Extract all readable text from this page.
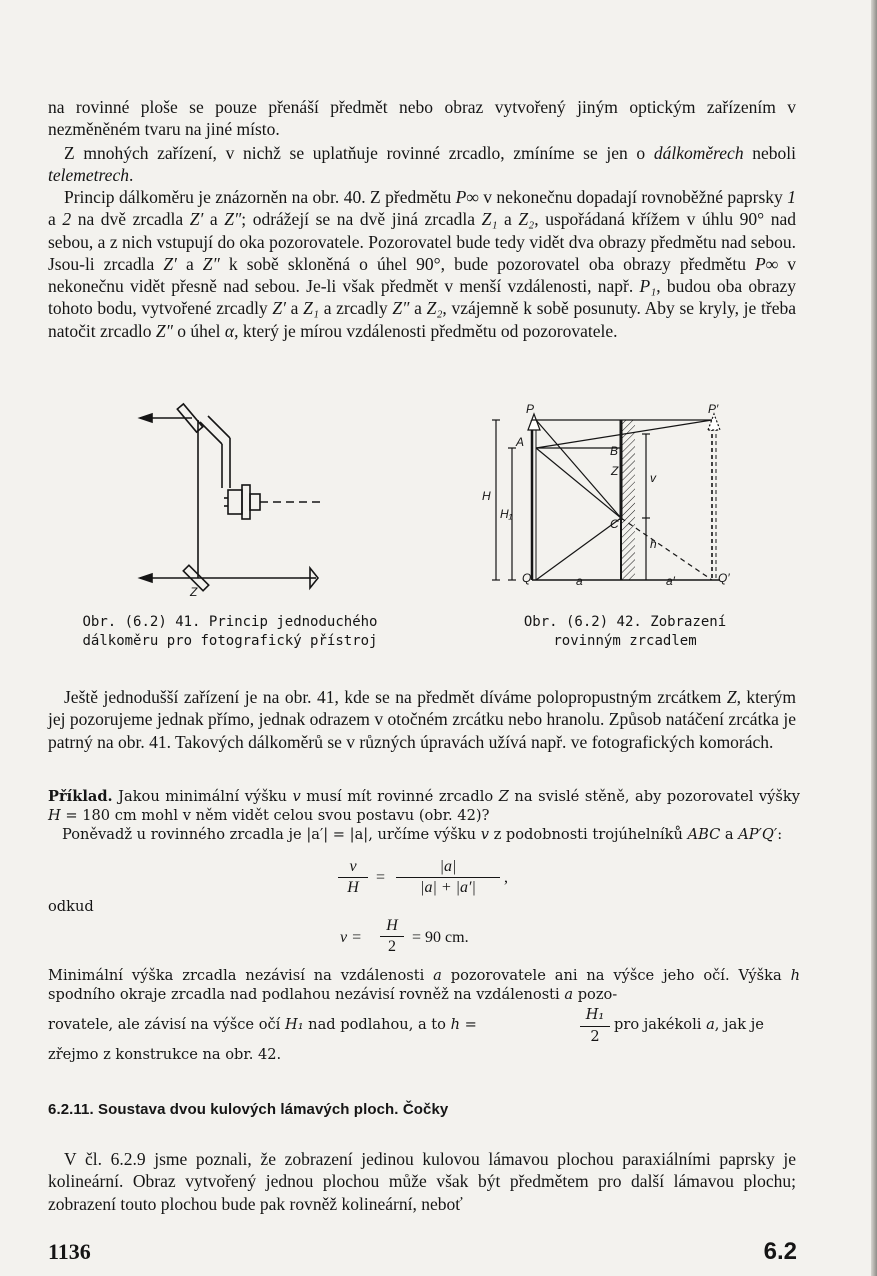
na rovinné ploše se pouze přenáší předmět nebo obraz vytvořený jiným optickým zařízením v nezměněném tvaru na jiné místo.

Z mnohých zařízení, v nichž se uplatňuje rovinné zrcadlo, zmíníme se jen o dálkoměrech neboli telemetrech.

Princip dálkoměru je znázorněn na obr. 40. Z předmětu P∞ v nekonečnu dopadají rovnoběžné paprsky 1 a 2 na dvě zrcadla Z′ a Z″; odrážejí se na dvě jiná zrcadla Z₁ a Z₂, uspořádaná křížem v úhlu 90° nad sebou, a z nich vstupují do oka pozorovatele. Pozorovatel bude tedy vidět dva obrazy předmětu nad sebou. Jsou-li zrcadla Z′ a Z″ k sobě skloněná o úhel 90°, bude pozorovatel oba obrazy předmětu P∞ v nekonečnu vidět přesně nad sebou. Je-li však předmět v menší vzdálenosti, např. P₁, budou oba obrazy tohoto bodu, vytvořené zrcadly Z′ a Z₁ a zrcadly Z″ a Z₂, vzájemně k sobě posunuty. Aby se kryly, je třeba natočit zrcadlo Z″ o úhel α, který je mírou vzdálenosti předmětu od pozorovatele.

Z
P	P′
A
B
Z
C
v
H
H₁
h
Q	Q′
a	a′

Obr. (6.2) 41. Princip jednoduchého
dálkoměru pro fotografický přístroj

Obr. (6.2) 42. Zobrazení
rovinným zrcadlem

Ještě jednodušší zařízení je na obr. 41, kde se na předmět díváme polopropustným zrcátkem Z, kterým jej pozorujeme jednak přímo, jednak odrazem v otočném zrcátku nebo hranolu. Způsob natáčení zrcátka je patrný na obr. 41. Takových dálkoměrů se v různých úpravách užívá např. ve fotografických komorách.

Příklad. Jakou minimální výšku v musí mít rovinné zrcadlo Z na svislé stěně, aby pozorovatel výšky H = 180 cm mohl v něm vidět celou svou postavu (obr. 42)?

Poněvadž u rovinného zrcadla je |a′| = |a|, určíme výšku v z podobnosti trojúhelníků ABC a AP′Q′:

$\frac{v}{H} = \frac{|a|}{|a| + |a'|}$ ,

odkud

$v = \frac{H}{2} = 90$ cm.

Minimální výška zrcadla nezávisí na vzdálenosti a pozorovatele ani na výšce jeho očí. Výška h spodního okraje zrcadla nad podlahou nezávisí rovněž na vzdálenosti a pozo-

rovatele, ale závisí na výšce očí H₁ nad podlahou, a to h =	$\frac{\text{H₁}}{2}$ pro jakékoli a, jak je

zřejmo z konstrukce na obr. 42.

6.2.11. Soustava dvou kulových lámavých ploch. Čočky

V čl. 6.2.9 jsme poznali, že zobrazení jedinou kulovou lámavou plochou paraxiálními paprsky je kolineární. Obraz vytvořený jednou plochou může však být předmětem pro další lámavou plochu; zobrazení touto plochou bude pak rovněž kolineární, neboť

1136	6.2
